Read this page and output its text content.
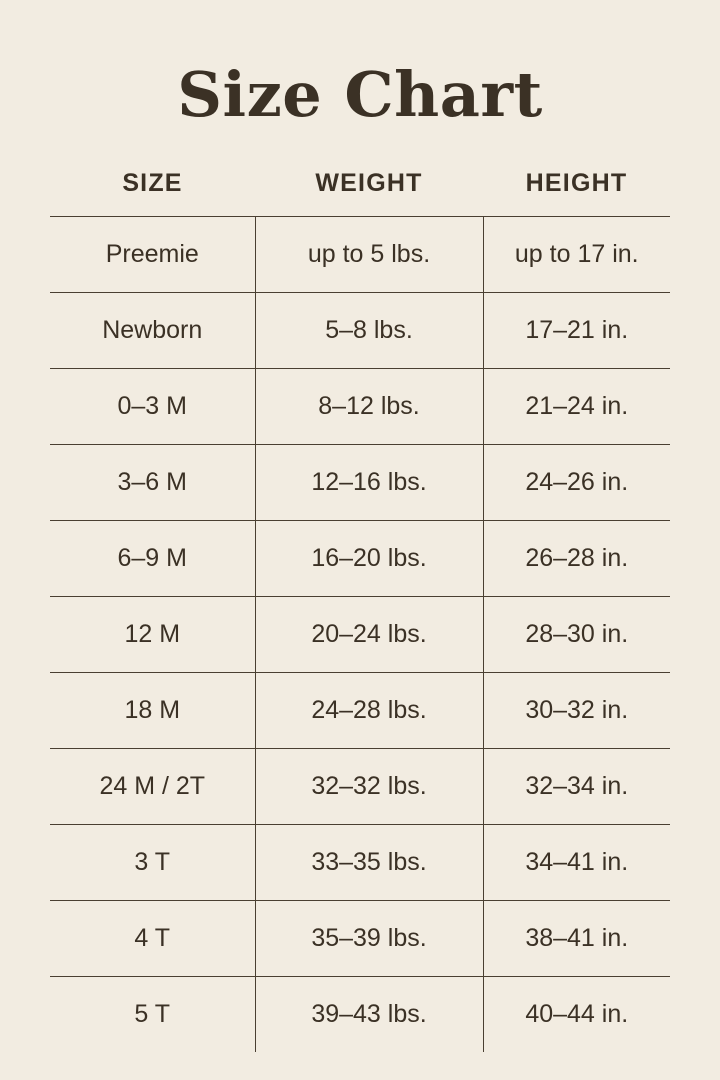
Size Chart
SIZE	WEIGHT	HEIGHT
Preemie	up to 5 lbs.	up to 17 in.
Newborn	5–8 lbs.	17–21 in.
0–3 M	8–12 lbs.	21–24 in.
3–6 M	12–16 lbs.	24–26 in.
6–9 M	16–20 lbs.	26–28 in.
12 M	20–24 lbs.	28–30 in.
18 M	24–28 lbs.	30–32 in.
24 M / 2T	32–32 lbs.	32–34 in.
3 T	33–35 lbs.	34–41 in.
4 T	35–39 lbs.	38–41 in.
5 T	39–43 lbs.	40–44 in.
